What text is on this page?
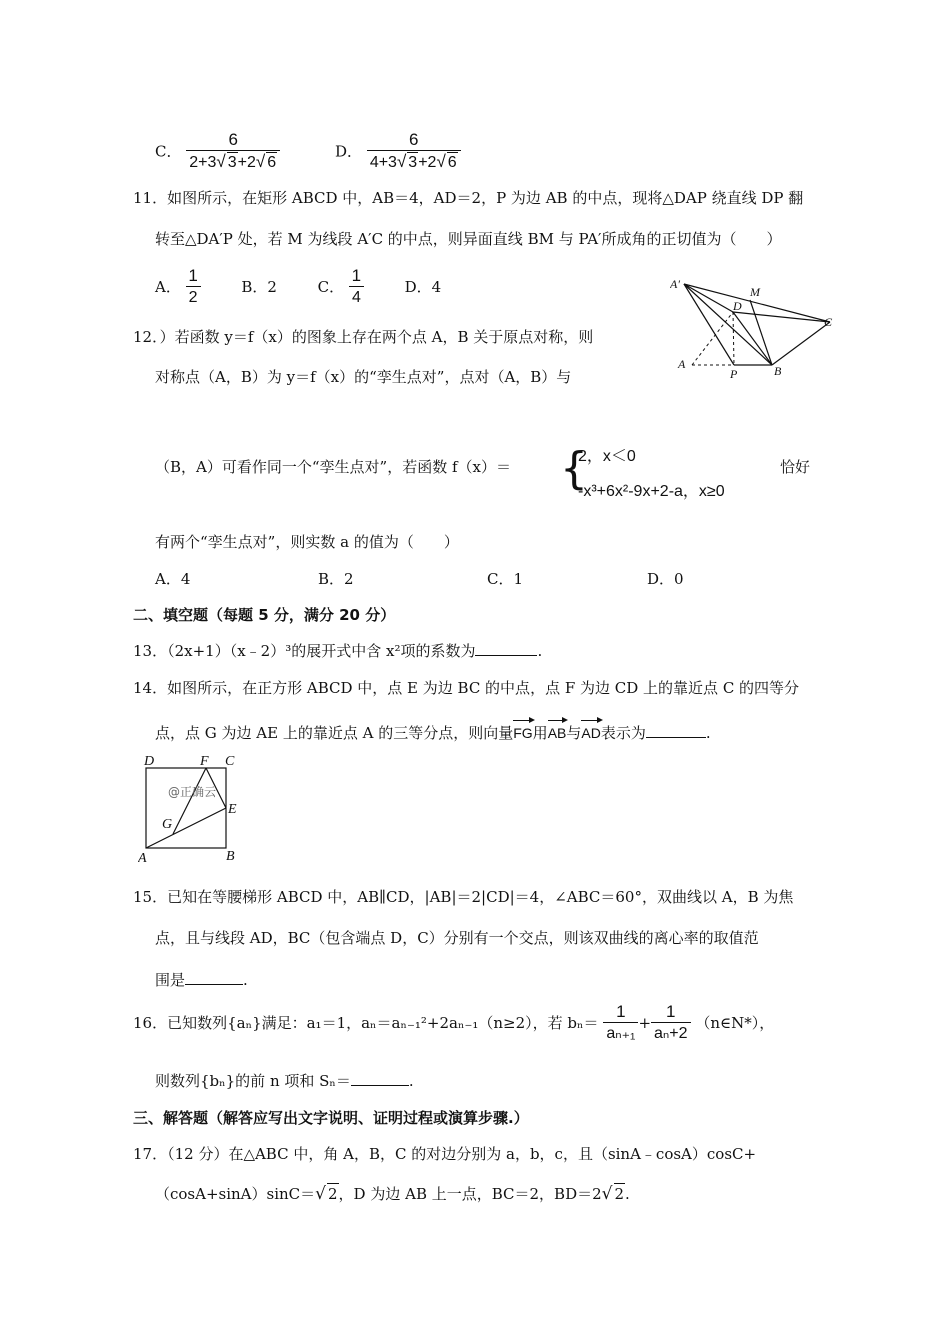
C． $\frac{6}{2+3√ 3+2√ 6}$	D． $\frac{6}{4+3√ 3+2√ 6}$
11．如图所示，在矩形 ABCD 中，AB＝4，AD＝2，P 为边 AB 的中点，现将△DAP 绕直线 DP 翻
转至△DA′P 处，若 M 为线段 A′C 的中点，则异面直线 BM 与 PA′所成角的正切值为（　　）
A． $\frac{1}{2}$	B．2	C． $\frac{1}{4}$	D．4	A′
M
D
C
A
P	B
12．）若函数 y＝f（x）的图象上存在两个点 A，B 关于原点对称，则
对称点（A，B）为 y＝f（x）的“孪生点对”，点对（A，B）与
（B，A）可看作同一个“孪生点对”，若函数 f（x）＝ {
2，x＜0
-x³+6x²-9x+2-a，x≥0
恰好
有两个“孪生点对”，则实数 a 的值为（　　）
A．4	B．2	C．1	D．0
二、填空题（每题 5 分，满分 20 分）
13．（2x+1）（x﹣2）³的展开式中含 x²项的系数为	.
14．如图所示，在正方形 ABCD 中，点 E 为边 BC 的中点，点 F 为边 CD 上的靠近点 C 的四等分
点，点 G 为边 AE 上的靠近点 A 的三等分点，则向量FG用AB与AD表示为	.
@正确云
D	F C
E
G
A	B
15．已知在等腰梯形 ABCD 中，AB∥CD，|AB|＝2|CD|＝4，∠ABC＝60°，双曲线以 A，B 为焦
点，且与线段 AD，BC（包含端点 D，C）分别有一个交点，则该双曲线的离心率的取值范
围是	.
16．已知数列{aₙ}满足：a₁＝1，aₙ＝aₙ₋₁²+2aₙ₋₁（n≥2），若 $b_n= \frac{1}{\text{aₙ₊₁}} + \frac{1}{\text{aₙ+2}}$ （n∈N*），
则数列{bₙ}的前 n 项和 Sₙ＝	.
三、解答题（解答应写出文字说明、证明过程或演算步骤.）
17．（12 分）在△ABC 中，角 A，B，C 的对边分别为 a，b，c，且（sinA﹣cosA）cosC+
（cosA+sinA）sinC＝√ 2，D 为边 AB 上一点，BC＝2，BD＝2√ 2.
